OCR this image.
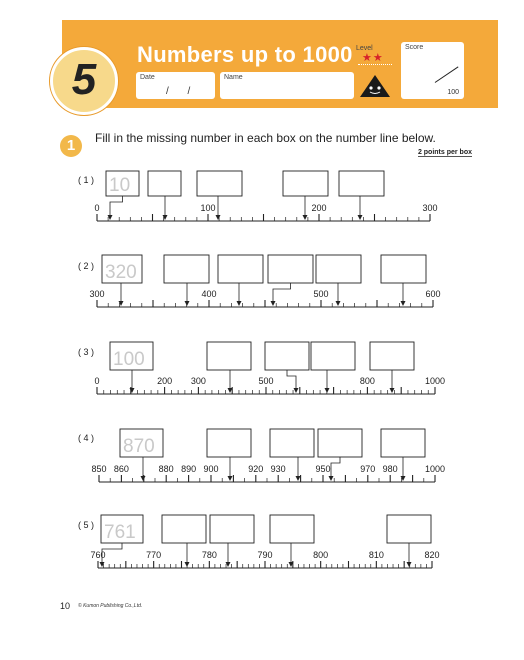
5
Numbers up to 1000
Date
/ /
Name
Level
★★
Score
100
1	Fill in the missing number in each box on the number line below.
2 points per box
( 1 )
0	100	200	300
10
( 2 )
300	400	500	600
320
( 3 )
0	200 300	500	800	1000
100
( 4 )
850 860	880 890 900	920 930	950	970 980	1000
870
( 5 )
760	770	780	790	800	810	820
761
10 © Kumon Publishing Co.,Ltd.
